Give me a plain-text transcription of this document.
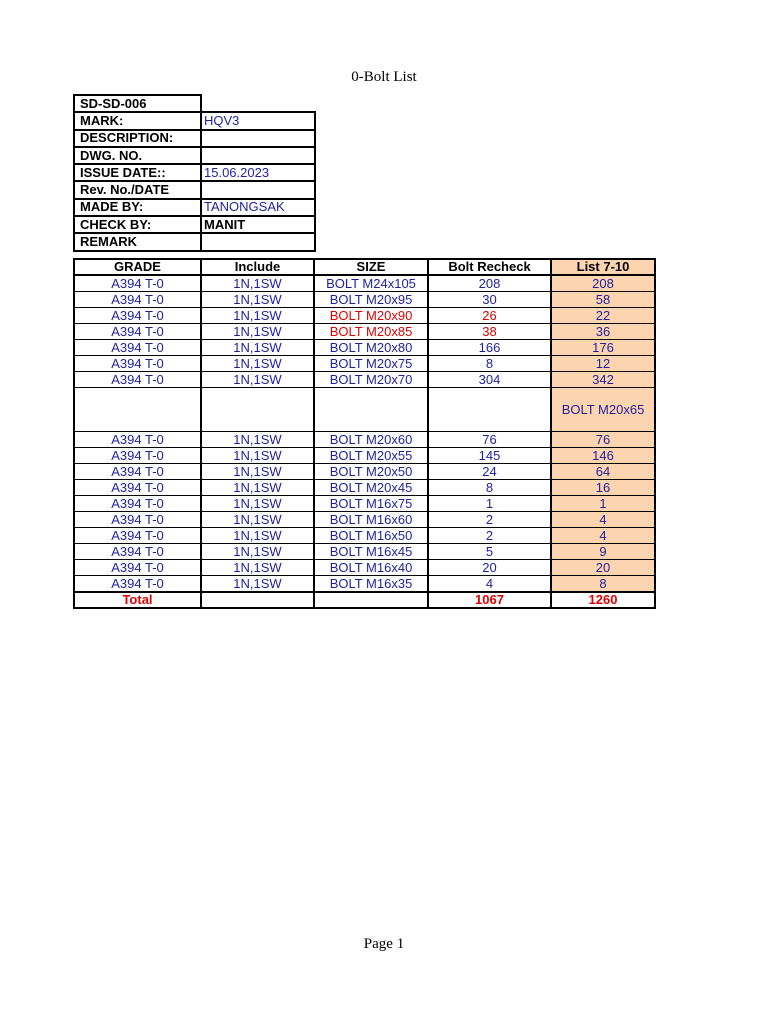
0-Bolt List
SD-SD-006	
MARK:	HQV3
DESCRIPTION:	
DWG. NO.	
ISSUE DATE::	15.06.2023
Rev. No./DATE	
MADE BY:	TANONGSAK
CHECK BY:	MANIT
REMARK	
GRADE	Include	SIZE	Bolt Recheck	List 7-10
A394 T-0	1N,1SW	BOLT M24x105	208	208
A394 T-0	1N,1SW	BOLT M20x95	30	58
A394 T-0	1N,1SW	BOLT M20x90	26	22
A394 T-0	1N,1SW	BOLT M20x85	38	36
A394 T-0	1N,1SW	BOLT M20x80	166	176
A394 T-0	1N,1SW	BOLT M20x75	8	12
A394 T-0	1N,1SW	BOLT M20x70	304	342
				BOLT M20x65
A394 T-0	1N,1SW	BOLT M20x60	76	76
A394 T-0	1N,1SW	BOLT M20x55	145	146
A394 T-0	1N,1SW	BOLT M20x50	24	64
A394 T-0	1N,1SW	BOLT M20x45	8	16
A394 T-0	1N,1SW	BOLT M16x75	1	1
A394 T-0	1N,1SW	BOLT M16x60	2	4
A394 T-0	1N,1SW	BOLT M16x50	2	4
A394 T-0	1N,1SW	BOLT M16x45	5	9
A394 T-0	1N,1SW	BOLT M16x40	20	20
A394 T-0	1N,1SW	BOLT M16x35	4	8
Total			1067	1260
Page 1
